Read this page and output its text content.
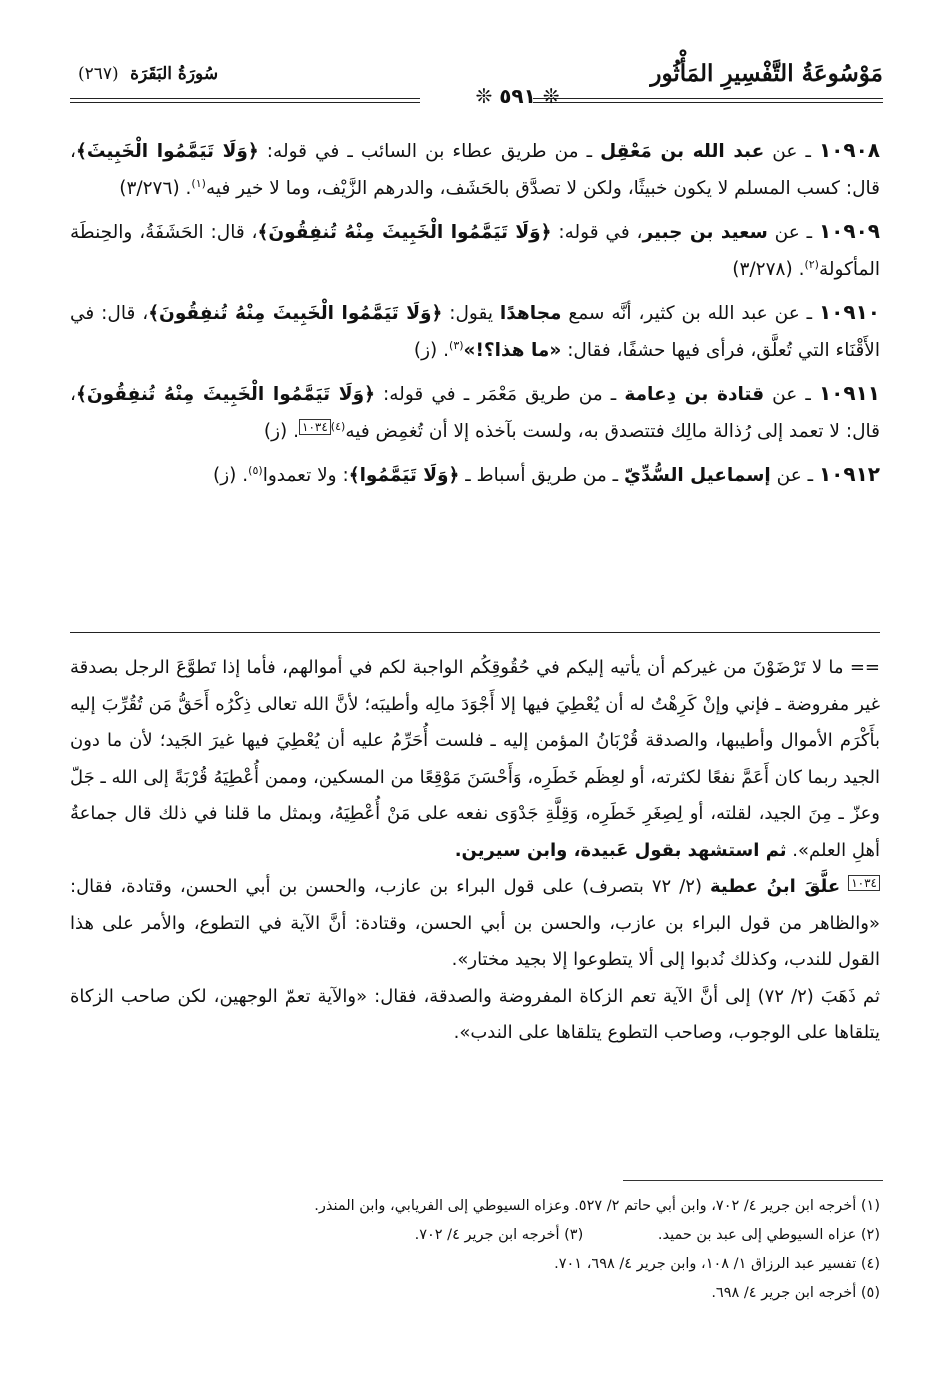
مَوْسُوعَةُ التَّفْسِيرِ المَأْثُور
سُورَةُ البَقَرَة (٢٦٧)
❊ ٥٩١ ❊

١٠٩٠٨ ـ عن عبد الله بن مَعْقِل ـ من طريق عطاء بن السائب ـ في قوله: ﴿وَلَا تَيَمَّمُوا الْخَبِيثَ﴾، قال: كسب المسلم لا يكون خبيثًا، ولكن لا تصدَّق بالحَشَف، والدرهم الزَّيْف، وما لا خير فيه$^{(١)}$. (٣/٢٧٦)

١٠٩٠٩ ـ عن سعيد بن جبير، في قوله: ﴿وَلَا تَيَمَّمُوا الْخَبِيثَ مِنْهُ تُنفِقُونَ﴾، قال: الحَشَفَةُ، والحِنطَة المأكولة$^{(٢)}$. (٣/٢٧٨)

١٠٩١٠ ـ عن عبد الله بن كثير، أنَّه سمع مجاهدًا يقول: ﴿وَلَا تَيَمَّمُوا الْخَبِيثَ مِنْهُ تُنفِقُونَ﴾، قال: في الأَقْنَاء التي تُعلَّق، فرأى فيها حشفًا، فقال: «ما هذا؟!»$^{(٣)}$. (ز)

١٠٩١١ ـ عن قتادة بن دِعامة ـ من طريق مَعْمَر ـ في قوله: ﴿وَلَا تَيَمَّمُوا الْخَبِيثَ مِنْهُ تُنفِقُونَ﴾، قال: لا تعمد إلى رُذالة مالِك فتتصدق به، ولست بآخذه إلا أن تُغمِض فيه$^{(٤)}$١٠٣٤. (ز)

١٠٩١٢ ـ عن إسماعيل السُّدِّيّ ـ من طريق أسباط ـ ﴿وَلَا تَيَمَّمُوا﴾: ولا تعمدوا$^{(٥)}$. (ز)

== ما لا تَرْضَوْنَ من غيركم أن يأتيه إليكم في حُقُوقِكُم الواجبة لكم في أموالهم، فأما إذا تَطوَّعَ الرجل بصدقة غير مفروضة ـ فإني وإنْ كَرِهْتُ له أن يُعْطِيَ فيها إلا أَجْوَدَ مالِه وأطيبَه؛ لأنَّ الله تعالى ذِكْرُه أَحَقُّ مَن تُقُرِّبَ إليه بأَكْرَم الأموال وأطيبها، والصدقة قُرْبَانُ المؤمن إليه ـ فلست أُحَرِّمُ عليه أن يُعْطِيَ فيها غيرَ الجَيد؛ لأن ما دون الجيد ربما كان أَعَمَّ نفعًا لكثرته، أو لعِظَم خَطَرِه، وَأَحْسَنَ مَوْقِعًا من المسكين، وممن أُعْطِيَهُ قُرْبَةً إلى الله ـ جَلّ وعزّ ـ مِنَ الجيد، لقلته، أو لِصِغَرِ خَطَرِه، وَقِلَّةِ جَدْوَى نفعه على مَنْ أُعْطِيَهُ، وبمثل ما قلنا في ذلك قال جماعةُ أهلِ العلم». ثم استشهد بقول عَبيدة، وابن سيرين.

١٠٣٤ علَّقَ ابنُ عطية (٢/ ٧٢ بتصرف) على قول البراء بن عازب، والحسن بن أبي الحسن، وقتادة، فقال: «والظاهر من قول البراء بن عازب، والحسن بن أبي الحسن، وقتادة: أنَّ الآية في التطوع، والأمر على هذا القول للندب، وكذلك نُدبوا إلى ألا يتطوعوا إلا بجيد مختار».

ثم ذَهَبَ (٢/ ٧٢) إلى أنَّ الآية تعم الزكاة المفروضة والصدقة، فقال: «والآية تعمّ الوجهين، لكن صاحب الزكاة يتلقاها على الوجوب، وصاحب التطوع يتلقاها على الندب».

(١) أخرجه ابن جرير ٤/ ٧٠٢، وابن أبي حاتم ٢/ ٥٢٧. وعزاه السيوطي إلى الفريابي، وابن المنذر.
(٢) عزاه السيوطي إلى عبد بن حميد. (٣) أخرجه ابن جرير ٤/ ٧٠٢.
(٤) تفسير عبد الرزاق ١/ ١٠٨، وابن جرير ٤/ ٦٩٨، ٧٠١.
(٥) أخرجه ابن جرير ٤/ ٦٩٨.
